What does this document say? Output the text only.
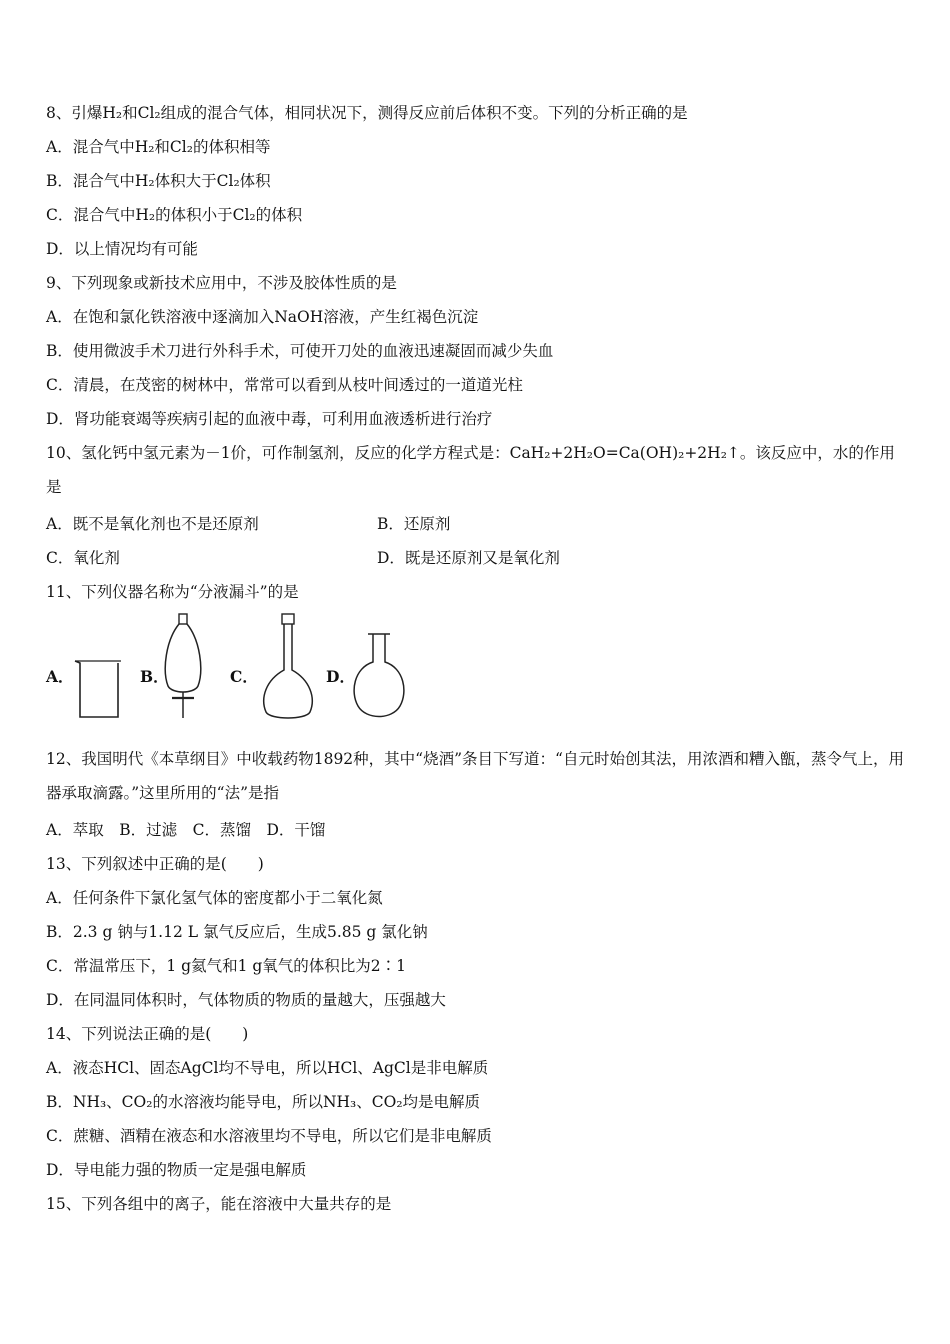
8、引爆H₂和Cl₂组成的混合气体，相同状况下，测得反应前后体积不变。下列的分析正确的是
A．混合气中H₂和Cl₂的体积相等
B．混合气中H₂体积大于Cl₂体积
C．混合气中H₂的体积小于Cl₂的体积
D．以上情况均有可能
9、下列现象或新技术应用中，不涉及胶体性质的是
A．在饱和氯化铁溶液中逐滴加入NaOH溶液，产生红褐色沉淀
B．使用微波手术刀进行外科手术，可使开刀处的血液迅速凝固而减少失血
C．清晨，在茂密的树林中，常常可以看到从枝叶间透过的一道道光柱
D．肾功能衰竭等疾病引起的血液中毒，可利用血液透析进行治疗
10、氢化钙中氢元素为－1价，可作制氢剂，反应的化学方程式是：CaH₂+2H₂O=Ca(OH)₂+2H₂↑。该反应中，水的作用是
A．既不是氧化剂也不是还原剂	B．还原剂
C．氧化剂	D．既是还原剂又是氧化剂
11、下列仪器名称为“分液漏斗”的是
A．	B．	C．	D．
12、我国明代《本草纲目》中收载药物1892种，其中“烧酒”条目下写道：“自元时始创其法，用浓酒和糟入甑，蒸令气上，用器承取滴露。”这里所用的“法”是指
A．萃取　B．过滤　C．蒸馏　D．干馏
13、下列叙述中正确的是(　　)
A．任何条件下氯化氢气体的密度都小于二氧化氮
B．2.3 g 钠与1.12 L 氯气反应后，生成5.85 g 氯化钠
C．常温常压下，1 g氦气和1 g氧气的体积比为2∶1
D．在同温同体积时，气体物质的物质的量越大，压强越大
14、下列说法正确的是(　　)
A．液态HCl、固态AgCl均不导电，所以HCl、AgCl是非电解质
B．NH₃、CO₂的水溶液均能导电，所以NH₃、CO₂均是电解质
C．蔗糖、酒精在液态和水溶液里均不导电，所以它们是非电解质
D．导电能力强的物质一定是强电解质
15、下列各组中的离子，能在溶液中大量共存的是
